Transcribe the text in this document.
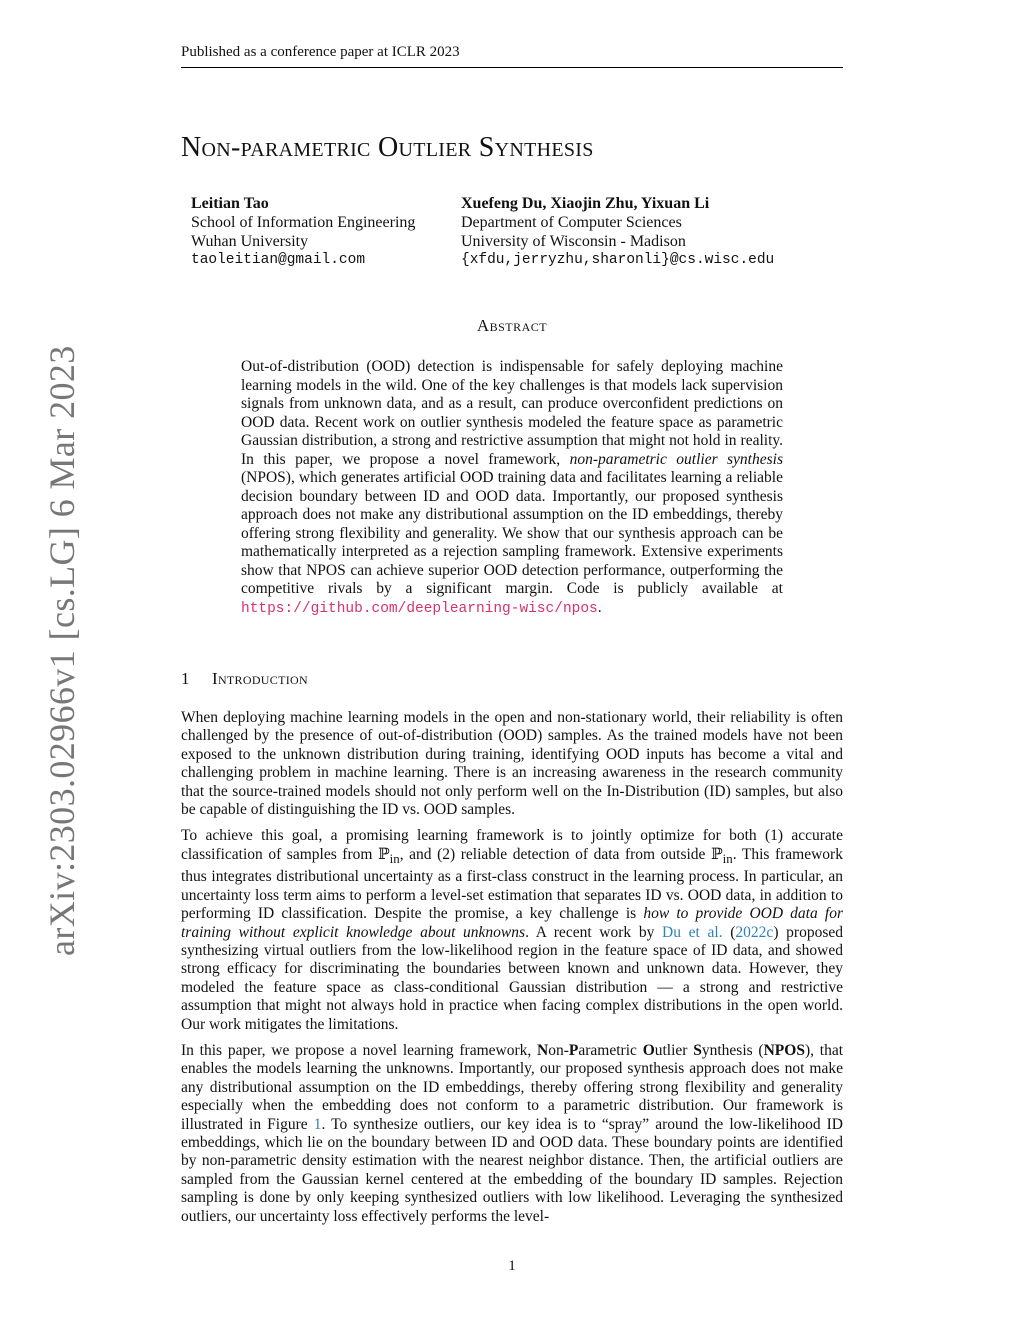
Published as a conference paper at ICLR 2023
arXiv:2303.02966v1 [cs.LG] 6 Mar 2023
Non-parametric Outlier Synthesis
Leitian Tao
School of Information Engineering
Wuhan University
taoleitian@gmail.com
Xuefeng Du, Xiaojin Zhu, Yixuan Li
Department of Computer Sciences
University of Wisconsin - Madison
{xfdu,jerryzhu,sharonli}@cs.wisc.edu
Abstract
Out-of-distribution (OOD) detection is indispensable for safely deploying machine learning models in the wild. One of the key challenges is that models lack supervision signals from unknown data, and as a result, can produce overconfident predictions on OOD data. Recent work on outlier synthesis modeled the feature space as parametric Gaussian distribution, a strong and restrictive assumption that might not hold in reality. In this paper, we propose a novel framework, non-parametric outlier synthesis (NPOS), which generates artificial OOD training data and facilitates learning a reliable decision boundary between ID and OOD data. Importantly, our proposed synthesis approach does not make any distributional assumption on the ID embeddings, thereby offering strong flexibility and generality. We show that our synthesis approach can be mathematically interpreted as a rejection sampling framework. Extensive experiments show that NPOS can achieve superior OOD detection performance, outperforming the competitive rivals by a significant margin. Code is publicly available at https://github.com/deeplearning-wisc/npos.
1 Introduction

When deploying machine learning models in the open and non-stationary world, their reliability is often challenged by the presence of out-of-distribution (OOD) samples. As the trained models have not been exposed to the unknown distribution during training, identifying OOD inputs has become a vital and challenging problem in machine learning. There is an increasing awareness in the research community that the source-trained models should not only perform well on the In-Distribution (ID) samples, but also be capable of distinguishing the ID vs. OOD samples.

To achieve this goal, a promising learning framework is to jointly optimize for both (1) accurate classification of samples from ℙ$_{in}$, and (2) reliable detection of data from outside ℙ$_{in}$. This framework thus integrates distributional uncertainty as a first-class construct in the learning process. In particular, an uncertainty loss term aims to perform a level-set estimation that separates ID vs. OOD data, in addition to performing ID classification. Despite the promise, a key challenge is how to provide OOD data for training without explicit knowledge about unknowns. A recent work by Du et al. (2022c) proposed synthesizing virtual outliers from the low-likelihood region in the feature space of ID data, and showed strong efficacy for discriminating the boundaries between known and unknown data. However, they modeled the feature space as class-conditional Gaussian distribution — a strong and restrictive assumption that might not always hold in practice when facing complex distributions in the open world. Our work mitigates the limitations.

In this paper, we propose a novel learning framework, Non-Parametric Outlier Synthesis (NPOS), that enables the models learning the unknowns. Importantly, our proposed synthesis approach does not make any distributional assumption on the ID embeddings, thereby offering strong flexibility and generality especially when the embedding does not conform to a parametric distribution. Our framework is illustrated in Figure 1. To synthesize outliers, our key idea is to “spray” around the low-likelihood ID embeddings, which lie on the boundary between ID and OOD data. These boundary points are identified by non-parametric density estimation with the nearest neighbor distance. Then, the artificial outliers are sampled from the Gaussian kernel centered at the embedding of the boundary ID samples. Rejection sampling is done by only keeping synthesized outliers with low likelihood. Leveraging the synthesized outliers, our uncertainty loss effectively performs the level-

1
